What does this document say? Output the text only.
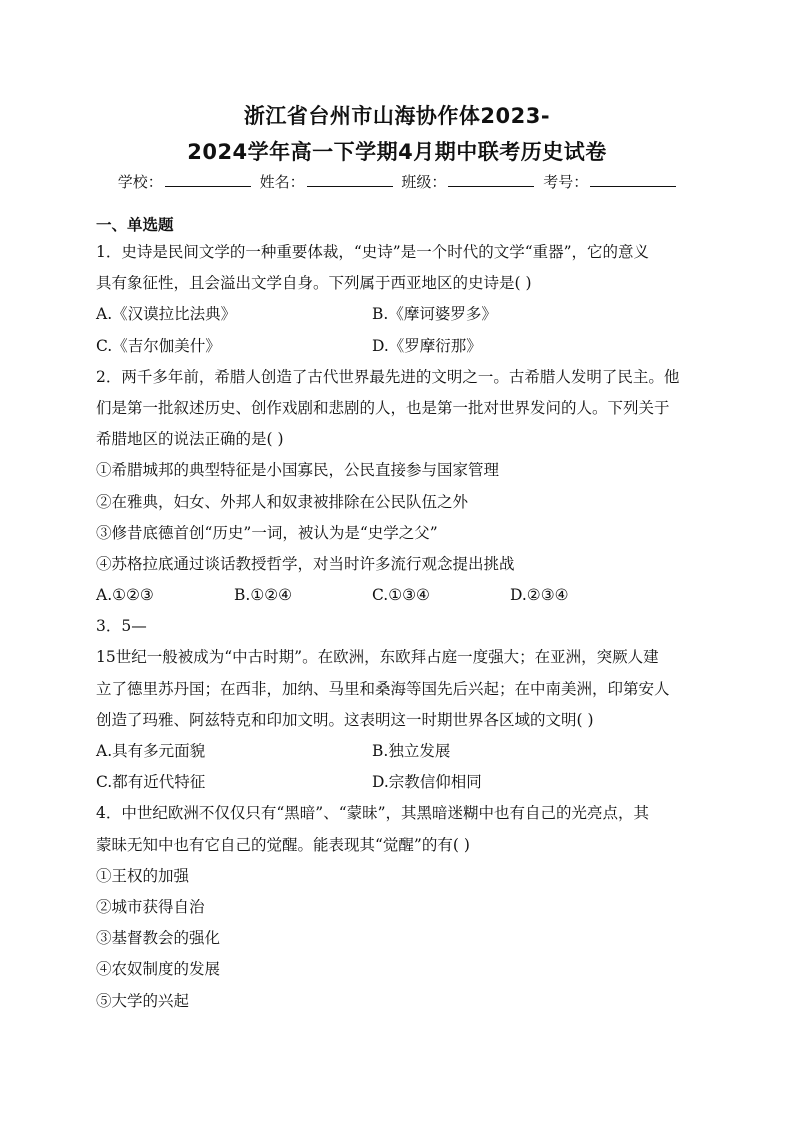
浙江省台州市山海协作体2023-
2024学年高一下学期4月期中联考历史试卷
学校：	姓名：	班级：	考号：
一、单选题
1．史诗是民间文学的一种重要体裁，“史诗”是一个时代的文学“重器”，它的意义
具有象征性，且会溢出文学自身。下列属于西亚地区的史诗是( )
A.《汉谟拉比法典》	B.《摩诃婆罗多》
C.《吉尔伽美什》	D.《罗摩衍那》
2．两千多年前，希腊人创造了古代世界最先进的文明之一。古希腊人发明了民主。他
们是第一批叙述历史、创作戏剧和悲剧的人，也是第一批对世界发问的人。下列关于
希腊地区的说法正确的是( )
①希腊城邦的典型特征是小国寡民，公民直接参与国家管理
②在雅典，妇女、外邦人和奴隶被排除在公民队伍之外
③修昔底德首创“历史”一词，被认为是“史学之父”
④苏格拉底通过谈话教授哲学，对当时许多流行观念提出挑战
A.①②③	B.①②④	C.①③④	D.②③④
3．5—
15世纪一般被成为“中古时期”。在欧洲，东欧拜占庭一度强大；在亚洲，突厥人建
立了德里苏丹国；在西非，加纳、马里和桑海等国先后兴起；在中南美洲，印第安人
创造了玛雅、阿兹特克和印加文明。这表明这一时期世界各区域的文明( )
A.具有多元面貌	B.独立发展
C.都有近代特征	D.宗教信仰相同
4．中世纪欧洲不仅仅只有“黑暗”、“蒙昧”，其黑暗迷糊中也有自己的光亮点，其
蒙昧无知中也有它自己的觉醒。能表现其“觉醒”的有( )
①王权的加强
②城市获得自治
③基督教会的强化
④农奴制度的发展
⑤大学的兴起
